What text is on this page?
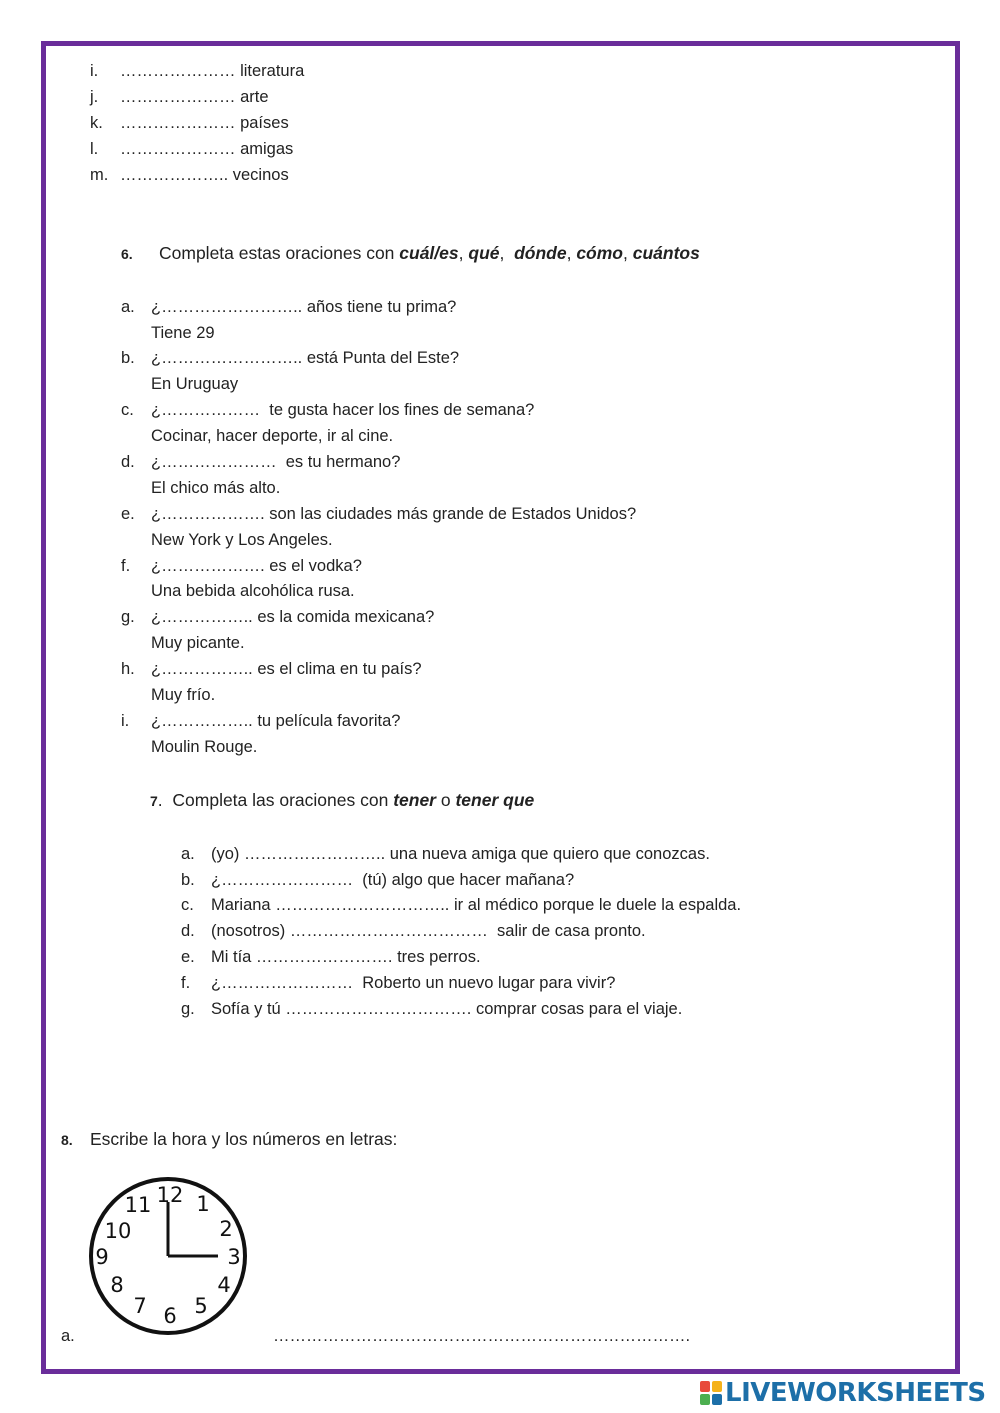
i. ………………… literatura
j. ………………… arte
k. ………………… países
l. ………………… amigas
m. ……………….. vecinos
6. Completa estas oraciones con cuál/es, qué,  dónde, cómo, cuántos
a. ¿…………………….. años tiene tu prima?
Tiene 29
b. ¿…………………….. está Punta del Este?
En Uruguay
c. ¿………………  te gusta hacer los fines de semana?
Cocinar, hacer deporte, ir al cine.
d. ¿…………………  es tu hermano?
El chico más alto.
e. ¿………………. son las ciudades más grande de Estados Unidos?
New York y Los Angeles.
f. ¿………………. es el vodka?
Una bebida alcohólica rusa.
g. ¿…………….. es la comida mexicana?
Muy picante.
h. ¿…………….. es el clima en tu país?
Muy frío.
i. ¿…………….. tu película favorita?
Moulin Rouge.
7.  Completa las oraciones con tener o tener que
a. (yo) …………………….. una nueva amiga que quiero que conozcas.
b. ¿……………………  (tú) algo que hacer mañana?
c. Mariana ………………………….. ir al médico porque le duele la espalda.
d. (nosotros) ………………………………  salir de casa pronto.
e. Mi tía ……………………. tres perros.
f. ¿……………………  Roberto un nuevo lugar para vivir?
g. Sofía y tú ……………………………. comprar cosas para el viaje.
8. Escribe la hora y los números en letras:
12 1
2
3
4
5
6
7
8
9
10
11
a.	………………………………………………………………….
LIVEWORKSHEETS
